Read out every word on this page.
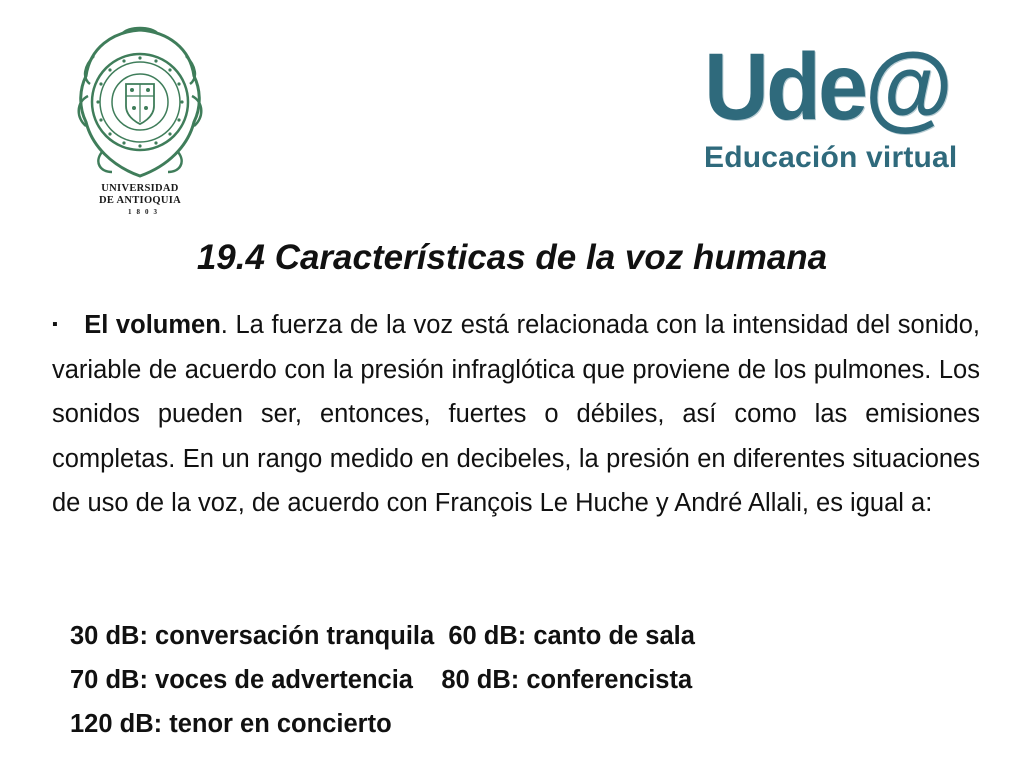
UNIVERSIDAD
DE ANTIOQUIA
1803
Ude@
Educación virtual
19.4 Características de la voz humana

▪ El volumen. La fuerza de la voz está relacionada con la intensidad del sonido, variable de acuerdo con la presión infraglótica que proviene de los pulmones. Los sonidos pueden ser, entonces, fuertes o débiles, así como las emisiones completas. En un rango medido en decibeles, la presión en diferentes situaciones de uso de la voz, de acuerdo con François Le Huche y André Allali, es igual a:

30 dB: conversación tranquila  60 dB: canto de sala
70 dB: voces de advertencia    80 dB: conferencista
120 dB: tenor en concierto
